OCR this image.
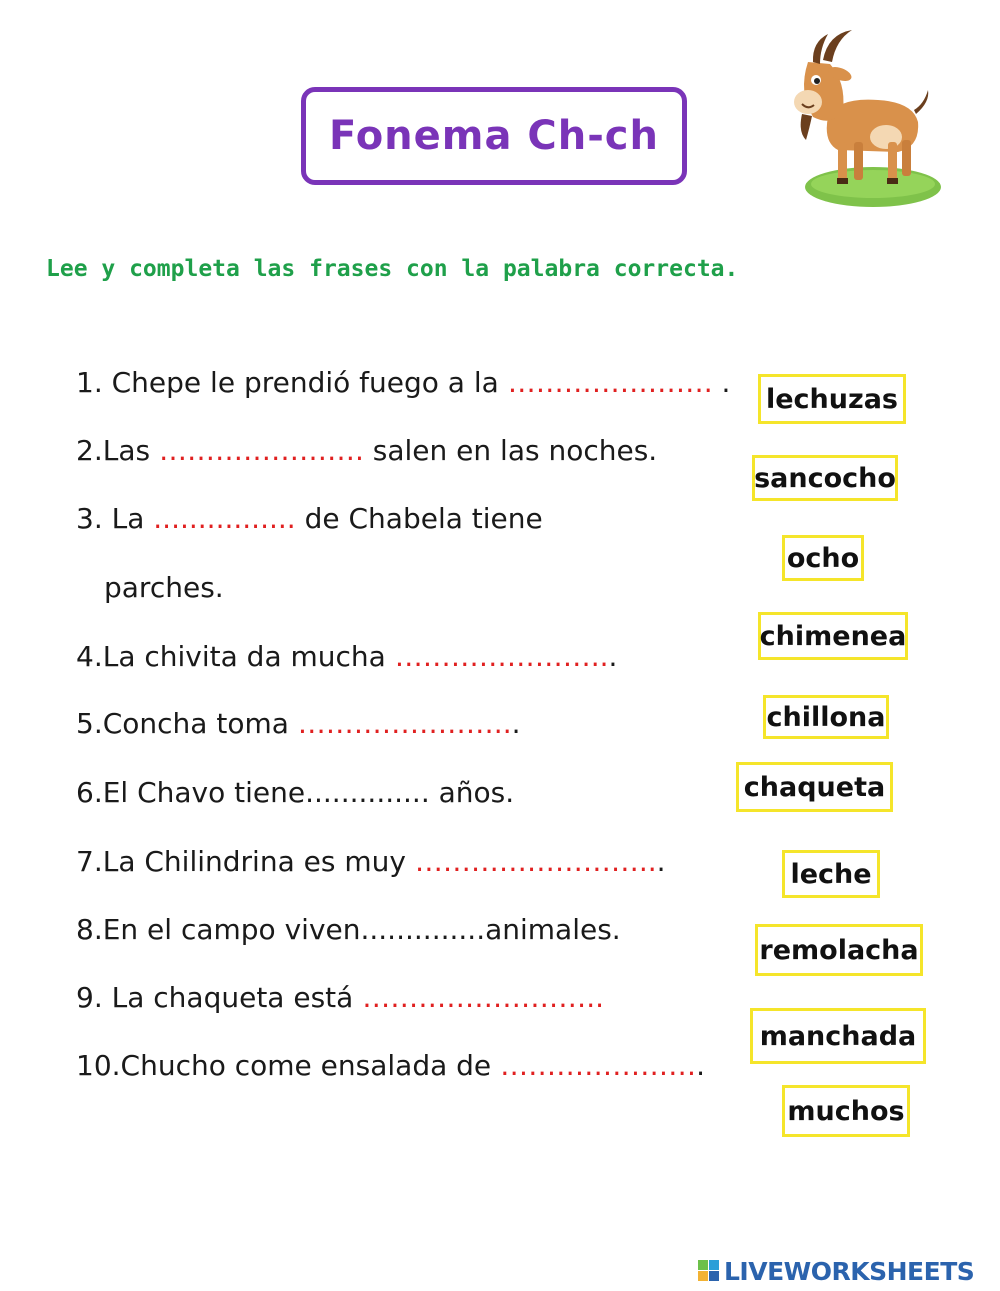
Fonema Ch-ch
Lee y completa las frases con la palabra correcta.
1. Chepe le prendió fuego a la …………………. .
2.Las …………………. salen en las noches.
3. La ................ de Chabela tiene
parches.
4.La chivita da mucha …………………...
5.Concha toma …………………...
6.El Chavo tiene.............. años.
7.La Chilindrina es muy ……………………...
8.En el campo viven..............animales.
9. La chaqueta está ……………………..
10.Chucho come ensalada de ………………….
lechuzas
sancocho
ocho
chimenea
chillona
chaqueta
leche
remolacha
manchada
muchos
LIVEWORKSHEETS
